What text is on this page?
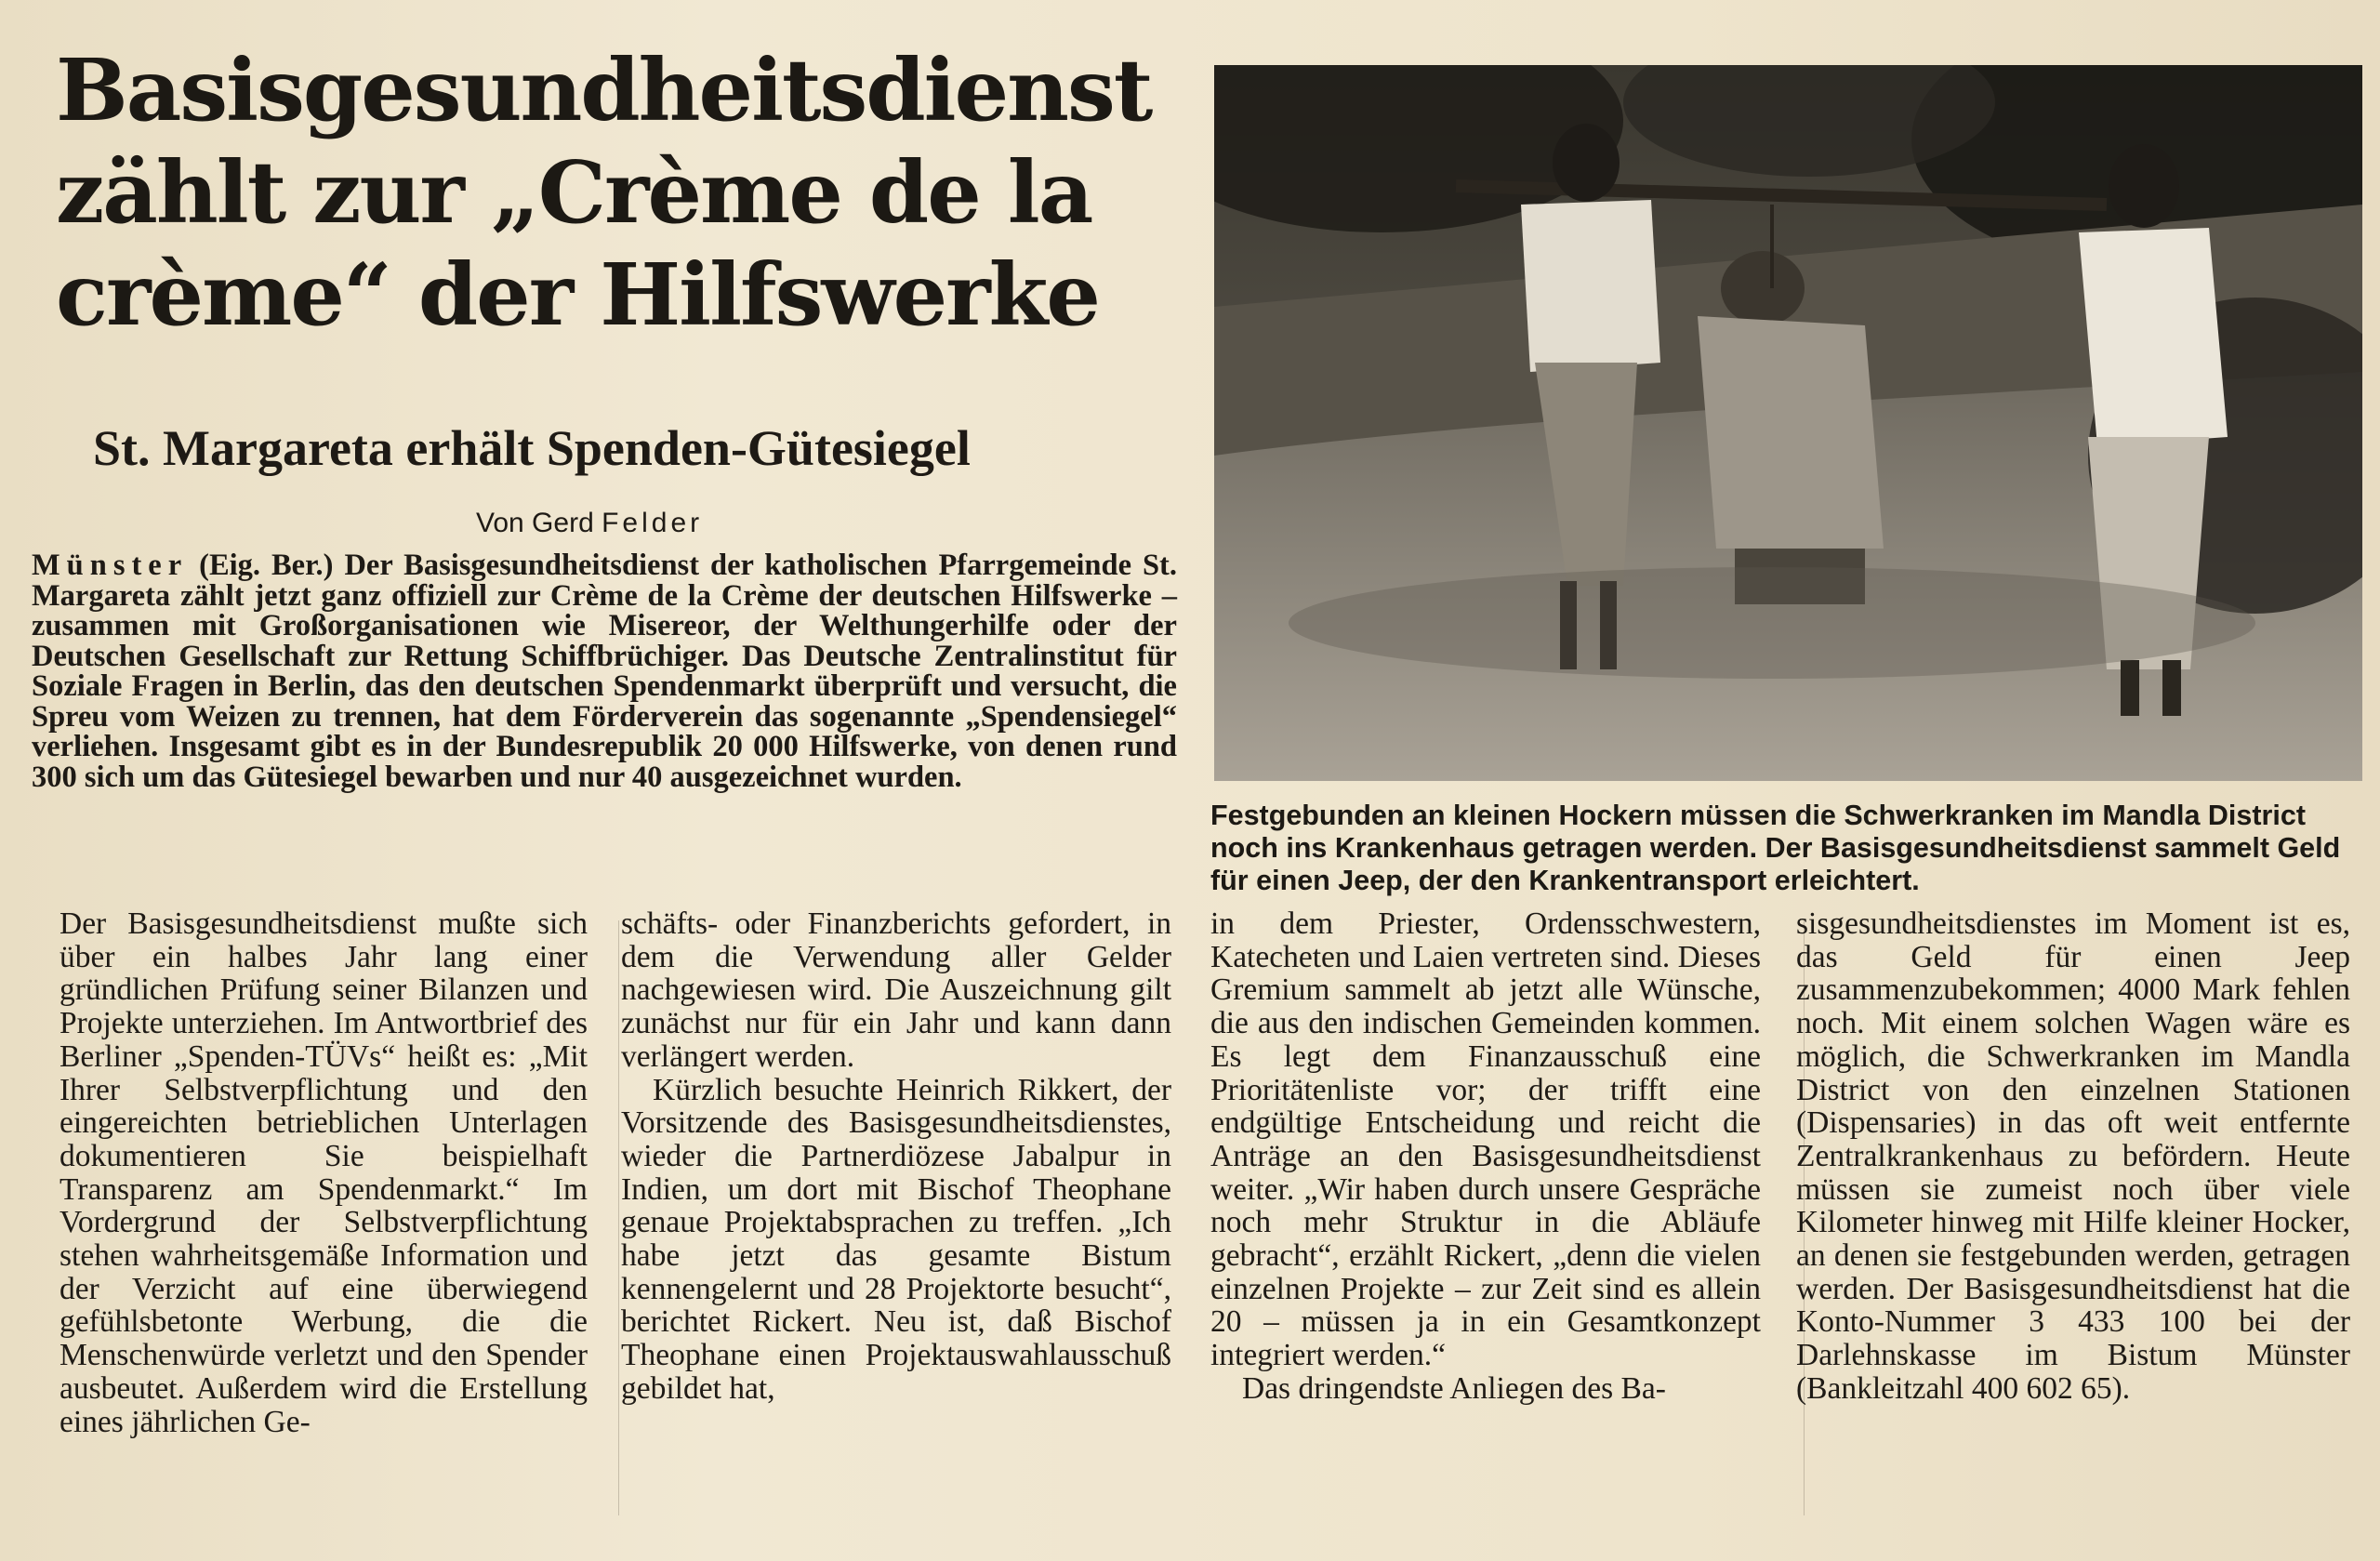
Basisgesundheitsdienst zählt zur „Crème de la crème“ der Hilfswerke
St. Margareta erhält Spenden-Gütesiegel
Von Gerd Felder

Münster (Eig. Ber.) Der Basisgesundheitsdienst der katholischen Pfarrgemeinde St. Margareta zählt jetzt ganz offiziell zur Crème de la Crème der deutschen Hilfswerke – zusammen mit Großorganisationen wie Misereor, der Welthungerhilfe oder der Deutschen Gesellschaft zur Rettung Schiffbrüchiger. Das Deutsche Zentralinstitut für Soziale Fragen in Berlin, das den deutschen Spendenmarkt überprüft und versucht, die Spreu vom Weizen zu trennen, hat dem Förderverein das sogenannte „Spendensiegel“ verliehen. Insgesamt gibt es in der Bundesrepublik 20 000 Hilfswerke, von denen rund 300 sich um das Gütesiegel bewarben und nur 40 ausgezeichnet wurden.

Der Basisgesundheitsdienst mußte sich über ein halbes Jahr lang einer gründlichen Prüfung seiner Bilanzen und Projekte unterziehen. Im Antwortbrief des Berliner „Spenden-TÜVs“ heißt es: „Mit Ihrer Selbstverpflichtung und den eingereichten betrieblichen Unterlagen dokumentieren Sie beispielhaft Transparenz am Spendenmarkt.“ Im Vordergrund der Selbstverpflichtung stehen wahrheitsgemäße Information und der Verzicht auf eine überwiegend gefühlsbetonte Werbung, die die Menschenwürde verletzt und den Spender ausbeutet. Außerdem wird die Erstellung eines jährlichen Ge-

schäfts- oder Finanzberichts gefordert, in dem die Verwendung aller Gelder nachgewiesen wird. Die Auszeichnung gilt zunächst nur für ein Jahr und kann dann verlängert werden.

Kürzlich besuchte Heinrich Rikkert, der Vorsitzende des Basisgesundheitsdienstes, wieder die Partnerdiözese Jabalpur in Indien, um dort mit Bischof Theophane genaue Projektabsprachen zu treffen. „Ich habe jetzt das gesamte Bistum kennengelernt und 28 Projektorte besucht“, berichtet Rickert. Neu ist, daß Bischof Theophane einen Projektauswahlausschuß gebildet hat,

in dem Priester, Ordensschwestern, Katecheten und Laien vertreten sind. Dieses Gremium sammelt ab jetzt alle Wünsche, die aus den indischen Gemeinden kommen. Es legt dem Finanzausschuß eine Prioritätenliste vor; der trifft eine endgültige Entscheidung und reicht die Anträge an den Basisgesundheitsdienst weiter. „Wir haben durch unsere Gespräche noch mehr Struktur in die Abläufe gebracht“, erzählt Rickert, „denn die vielen einzelnen Projekte – zur Zeit sind es allein 20 – müssen ja in ein Gesamtkonzept integriert werden.“

Das dringendste Anliegen des Ba-

sisgesundheitsdienstes im Moment ist es, das Geld für einen Jeep zusammenzubekommen; 4000 Mark fehlen noch. Mit einem solchen Wagen wäre es möglich, die Schwerkranken im Mandla District von den einzelnen Stationen (Dispensaries) in das oft weit entfernte Zentralkrankenhaus zu befördern. Heute müssen sie zumeist noch über viele Kilometer hinweg mit Hilfe kleiner Hocker, an denen sie festgebunden werden, getragen werden. Der Basisgesundheitsdienst hat die Konto-Nummer 3 433 100 bei der Darlehnskasse im Bistum Münster (Bankleitzahl 400 602 65).

Festgebunden an kleinen Hockern müssen die Schwerkranken im Mandla District noch ins Krankenhaus getragen werden. Der Basisgesundheitsdienst sammelt Geld für einen Jeep, der den Krankentransport erleichtert.
